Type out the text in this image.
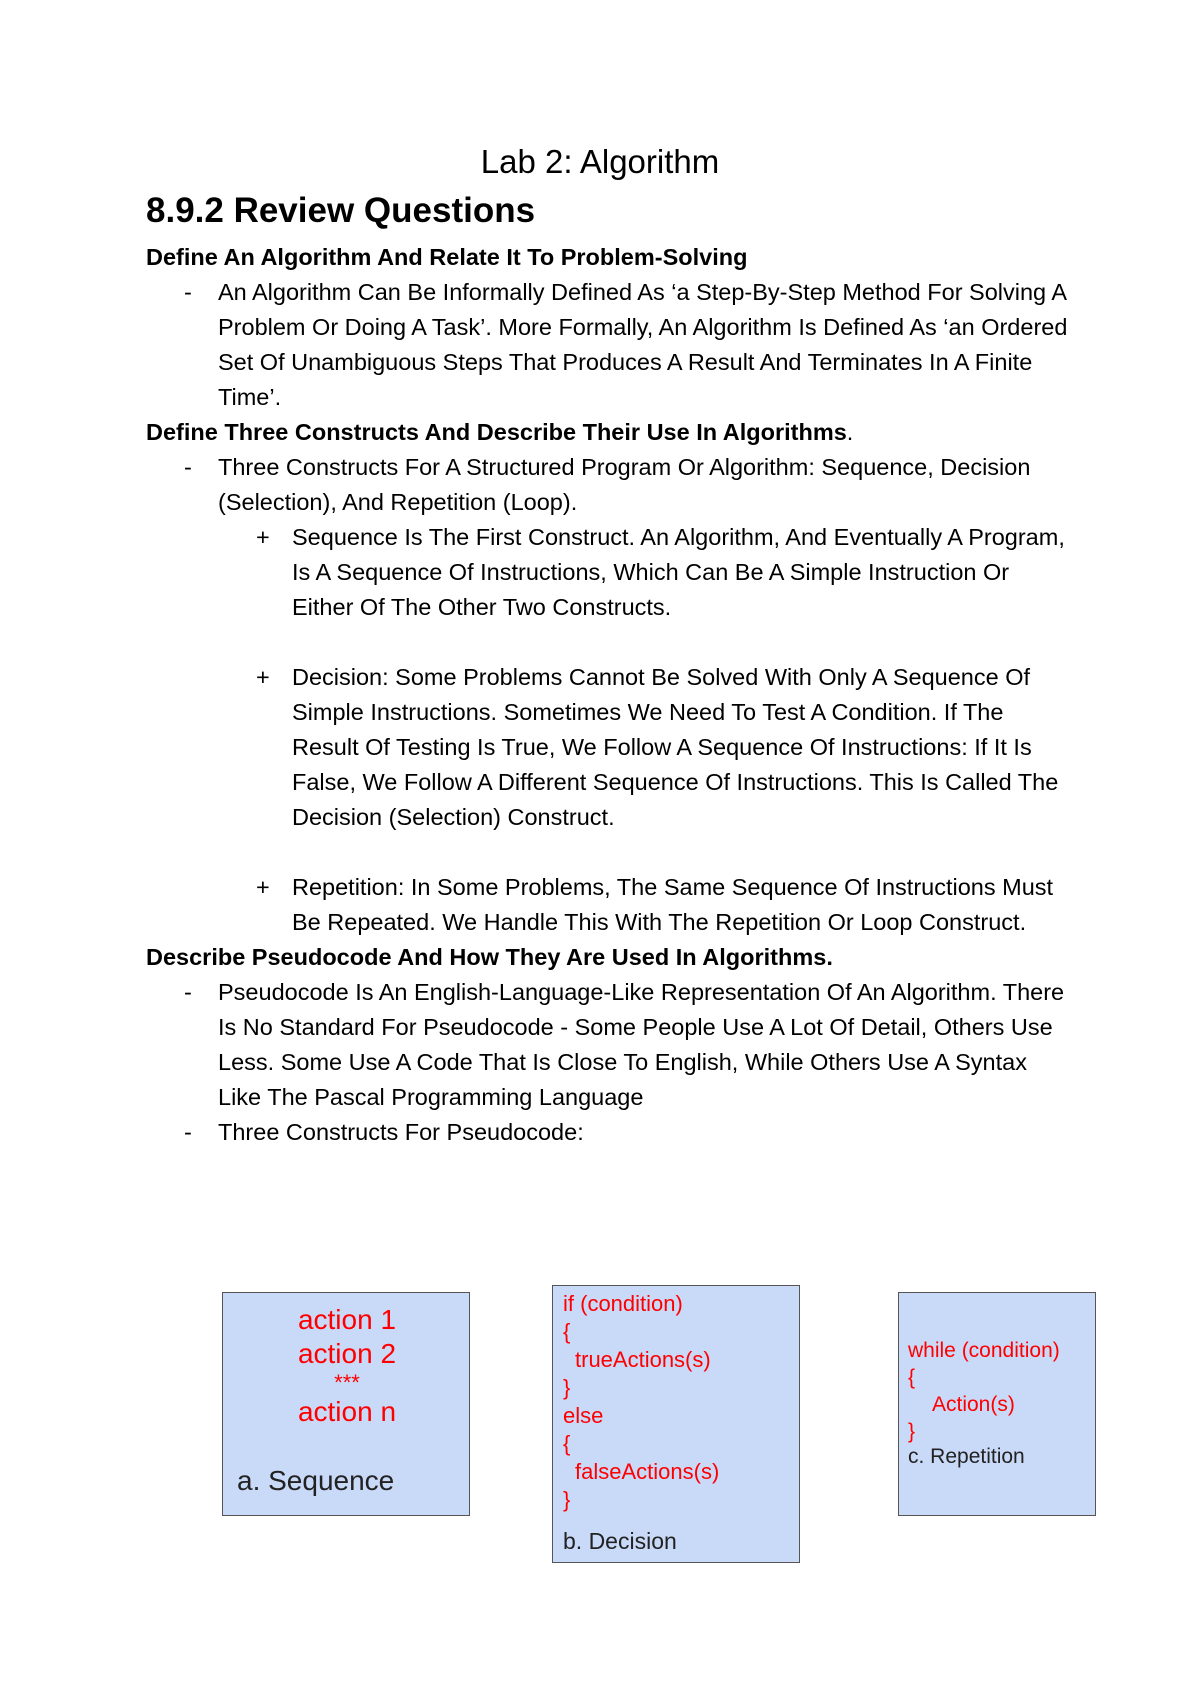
Lab 2: Algorithm
8.9.2 Review Questions
Define An Algorithm And Relate It To Problem-Solving
- An Algorithm Can Be Informally Defined As ‘a Step-By-Step Method For Solving A Problem Or Doing A Task’. More Formally, An Algorithm Is Defined As ‘an Ordered Set Of Unambiguous Steps That Produces A Result And Terminates In A Finite Time’.
Define Three Constructs And Describe Their Use In Algorithms.
- Three Constructs For A Structured Program Or Algorithm: Sequence, Decision (Selection), And Repetition (Loop).
+ Sequence Is The First Construct. An Algorithm, And Eventually A Program, Is A Sequence Of Instructions, Which Can Be A Simple Instruction Or Either Of The Other Two Constructs.
+ Decision: Some Problems Cannot Be Solved With Only A Sequence Of Simple Instructions. Sometimes We Need To Test A Condition. If The Result Of Testing Is True, We Follow A Sequence Of Instructions: If It Is False, We Follow A Different Sequence Of Instructions. This Is Called The Decision (Selection) Construct.
+ Repetition: In Some Problems, The Same Sequence Of Instructions Must Be Repeated. We Handle This With The Repetition Or Loop Construct.
Describe Pseudocode And How They Are Used In Algorithms.
- Pseudocode Is An English-Language-Like Representation Of An Algorithm. There Is No Standard For Pseudocode - Some People Use A Lot Of Detail, Others Use Less. Some Use A Code That Is Close To English, While Others Use A Syntax Like The Pascal Programming Language
- Three Constructs For Pseudocode:
action 1
action 2
***
action n
a. Sequence
if (condition)
{
trueActions(s)
}
else
{
falseActions(s)
}
b. Decision
while (condition)
{
Action(s)
}
c. Repetition
